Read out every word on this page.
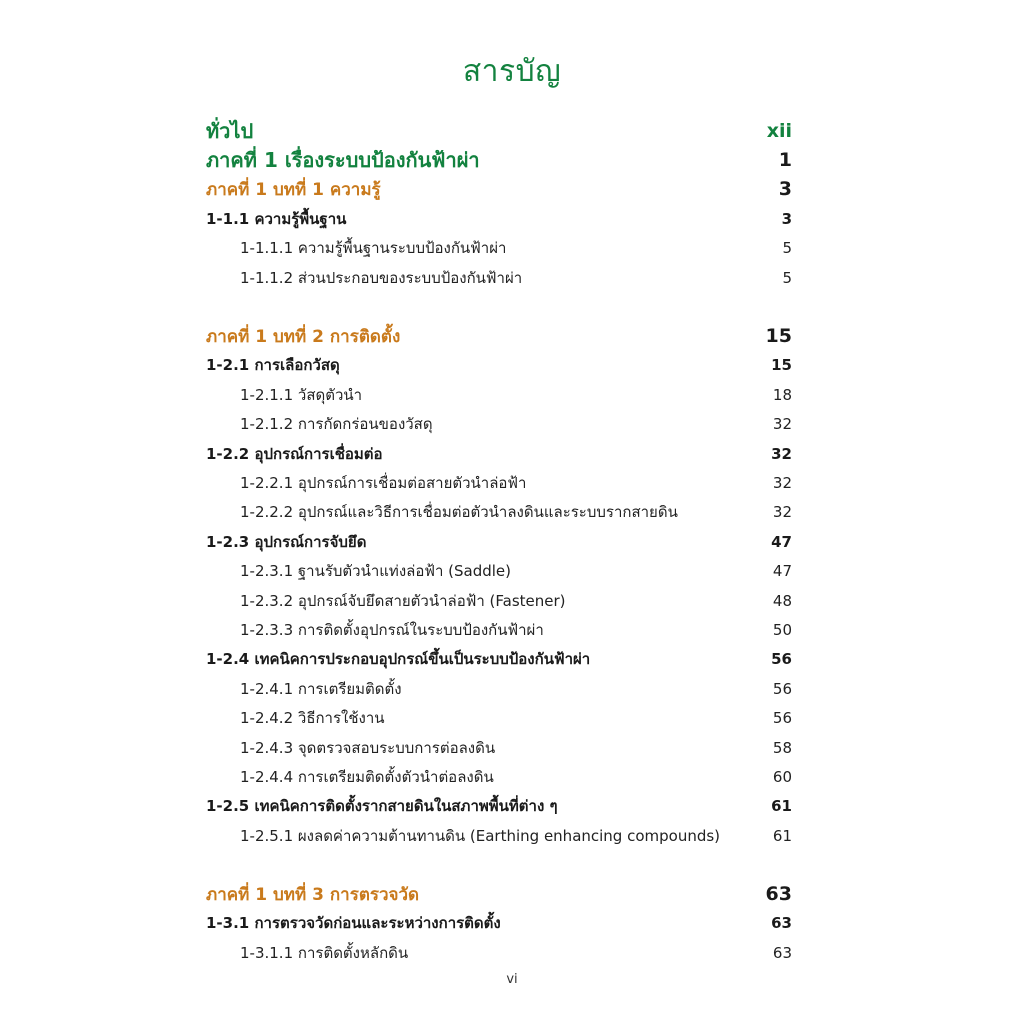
สารบัญ
ทั่วไป	xii
ภาคที่ 1 เรื่องระบบป้องกันฟ้าผ่า	1
ภาคที่ 1 บทที่ 1 ความรู้	3
1-1.1 ความรู้พื้นฐาน	3
1-1.1.1 ความรู้พื้นฐานระบบป้องกันฟ้าผ่า	5
1-1.1.2 ส่วนประกอบของระบบป้องกันฟ้าผ่า	5
ภาคที่ 1 บทที่ 2 การติดตั้ง	15
1-2.1 การเลือกวัสดุ	15
1-2.1.1 วัสดุตัวนำ	18
1-2.1.2 การกัดกร่อนของวัสดุ	32
1-2.2 อุปกรณ์การเชื่อมต่อ	32
1-2.2.1 อุปกรณ์การเชื่อมต่อสายตัวนำล่อฟ้า	32
1-2.2.2 อุปกรณ์และวิธีการเชื่อมต่อตัวนำลงดินและระบบรากสายดิน	32
1-2.3 อุปกรณ์การจับยึด	47
1-2.3.1 ฐานรับตัวนำแท่งล่อฟ้า (Saddle)	47
1-2.3.2 อุปกรณ์จับยึดสายตัวนำล่อฟ้า (Fastener)	48
1-2.3.3 การติดตั้งอุปกรณ์ในระบบป้องกันฟ้าผ่า	50
1-2.4 เทคนิคการประกอบอุปกรณ์ขึ้นเป็นระบบป้องกันฟ้าผ่า	56
1-2.4.1 การเตรียมติดตั้ง	56
1-2.4.2 วิธีการใช้งาน	56
1-2.4.3 จุดตรวจสอบระบบการต่อลงดิน	58
1-2.4.4 การเตรียมติดตั้งตัวนำต่อลงดิน	60
1-2.5 เทคนิคการติดตั้งรากสายดินในสภาพพื้นที่ต่าง ๆ	61
1-2.5.1 ผงลดค่าความต้านทานดิน (Earthing enhancing compounds)	61
ภาคที่ 1 บทที่ 3 การตรวจวัด	63
1-3.1 การตรวจวัดก่อนและระหว่างการติดตั้ง	63
1-3.1.1 การติดตั้งหลักดิน	63
vi
